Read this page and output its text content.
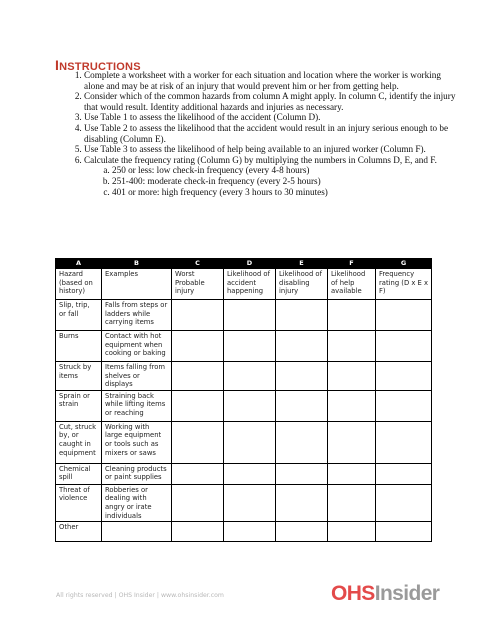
INSTRUCTIONS
1. Complete a worksheet with a worker for each situation and location where the worker is working alone and may be at risk of an injury that would prevent him or her from getting help.
2. Consider which of the common hazards from column A might apply. In column C, identify the injury that would result. Identity additional hazards and injuries as necessary.
3. Use Table 1 to assess the likelihood of the accident (Column D).
4. Use Table 2 to assess the likelihood that the accident would result in an injury serious enough to be disabling (Column E).
5. Use Table 3 to assess the likelihood of help being available to an injured worker (Column F).
6. Calculate the frequency rating (Column G) by multiplying the numbers in Columns D, E, and F.
a. 250 or less: low check-in frequency (every 4-8 hours)
b. 251-400: moderate check-in frequency (every 2-5 hours)
c. 401 or more: high frequency (every 3 hours to 30 minutes)
A	B	C	D	E	F	G
Hazard (based on history)	Examples	Worst Probable injury	Likelihood of accident happening	Likelihood of disabling injury	Likelihood of help available	Frequency rating (D x E x F)
Slip, trip, or fall	Falls from steps or ladders while carrying items					
Burns	Contact with hot equipment when cooking or baking					
Struck by items	Items falling from shelves or displays					
Sprain or strain	Straining back while lifting items or reaching					
Cut, struck by, or caught in equipment	Working with large equipment or tools such as mixers or saws					
Chemical spill	Cleaning products or paint supplies					
Threat of violence	Robberies or dealing with angry or irate individuals					
Other						
All rights reserved | OHS Insider | www.ohsinsider.com	OHSInsider
